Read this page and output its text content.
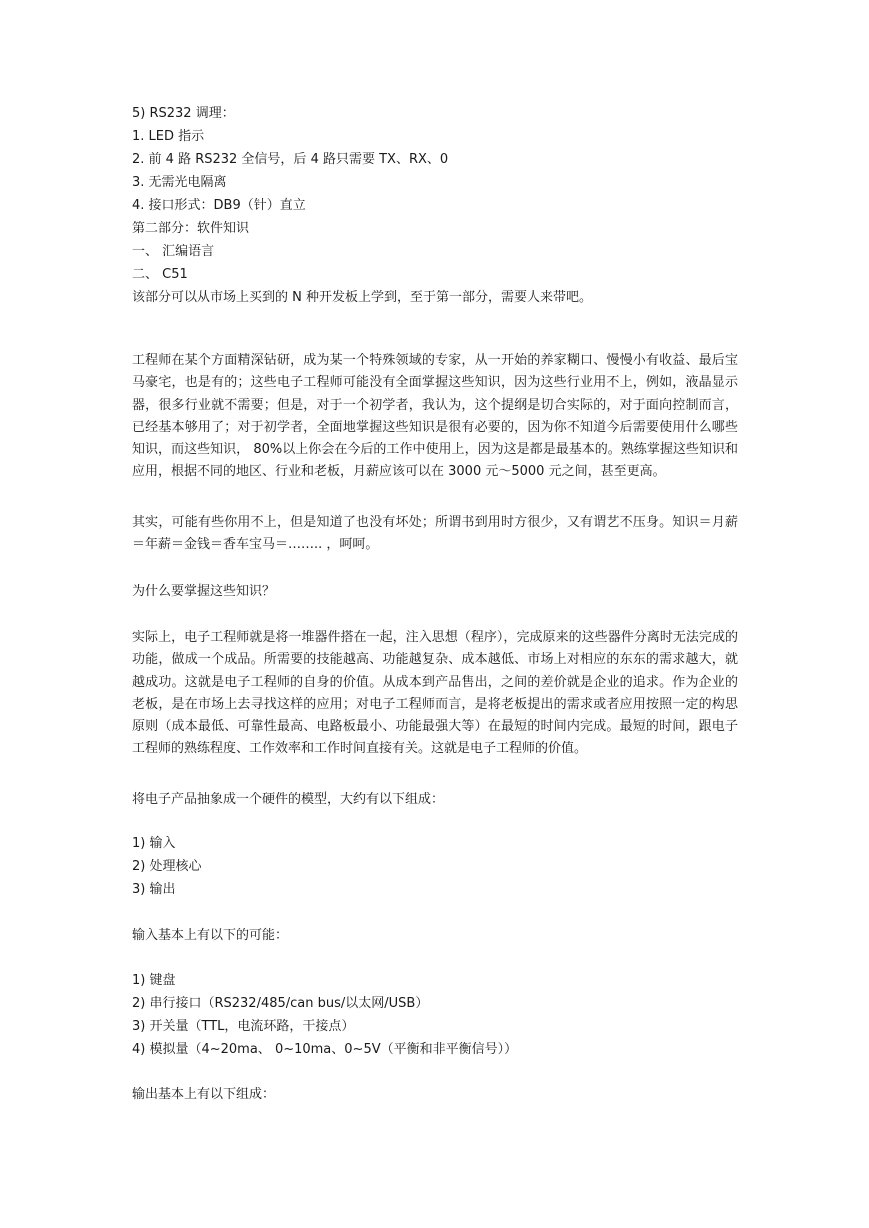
5) RS232 调理：
1. LED 指示
2. 前 4 路 RS232 全信号，后 4 路只需要 TX、RX、0
3. 无需光电隔离
4. 接口形式：DB9（针）直立
第二部分：软件知识
一、 汇编语言
二、 C51
该部分可以从市场上买到的 N 种开发板上学到，至于第一部分，需要人来带吧。
工程师在某个方面精深钻研，成为某一个特殊领域的专家，从一开始的养家糊口、慢慢小有收益、最后宝马豪宅，也是有的；这些电子工程师可能没有全面掌握这些知识，因为这些行业用不上，例如，液晶显示器，很多行业就不需要；但是，对于一个初学者，我认为，这个提纲是切合实际的，对于面向控制而言，已经基本够用了；对于初学者，全面地掌握这些知识是很有必要的，因为你不知道今后需要使用什么哪些知识，而这些知识， 80%以上你会在今后的工作中使用上，因为这是都是最基本的。熟练掌握这些知识和应用，根据不同的地区、行业和老板，月薪应该可以在 3000 元～5000 元之间，甚至更高。
其实，可能有些你用不上，但是知道了也没有坏处；所谓书到用时方很少，又有谓艺不压身。知识＝月薪＝年薪＝金钱＝香车宝马＝…….. ，呵呵。
为什么要掌握这些知识？
实际上，电子工程师就是将一堆器件搭在一起，注入思想（程序），完成原来的这些器件分离时无法完成的功能，做成一个成品。所需要的技能越高、功能越复杂、成本越低、市场上对相应的东东的需求越大，就越成功。这就是电子工程师的自身的价值。从成本到产品售出，之间的差价就是企业的追求。作为企业的老板，是在市场上去寻找这样的应用；对电子工程师而言，是将老板提出的需求或者应用按照一定的构思原则（成本最低、可靠性最高、电路板最小、功能最强大等）在最短的时间内完成。最短的时间，跟电子工程师的熟练程度、工作效率和工作时间直接有关。这就是电子工程师的价值。
将电子产品抽象成一个硬件的模型，大约有以下组成：
1) 输入
2) 处理核心
3) 输出
输入基本上有以下的可能：
1) 键盘
2) 串行接口（RS232/485/can bus/以太网/USB）
3) 开关量（TTL，电流环路，干接点）
4) 模拟量（4~20ma、 0~10ma、0~5V（平衡和非平衡信号））
输出基本上有以下组成：
